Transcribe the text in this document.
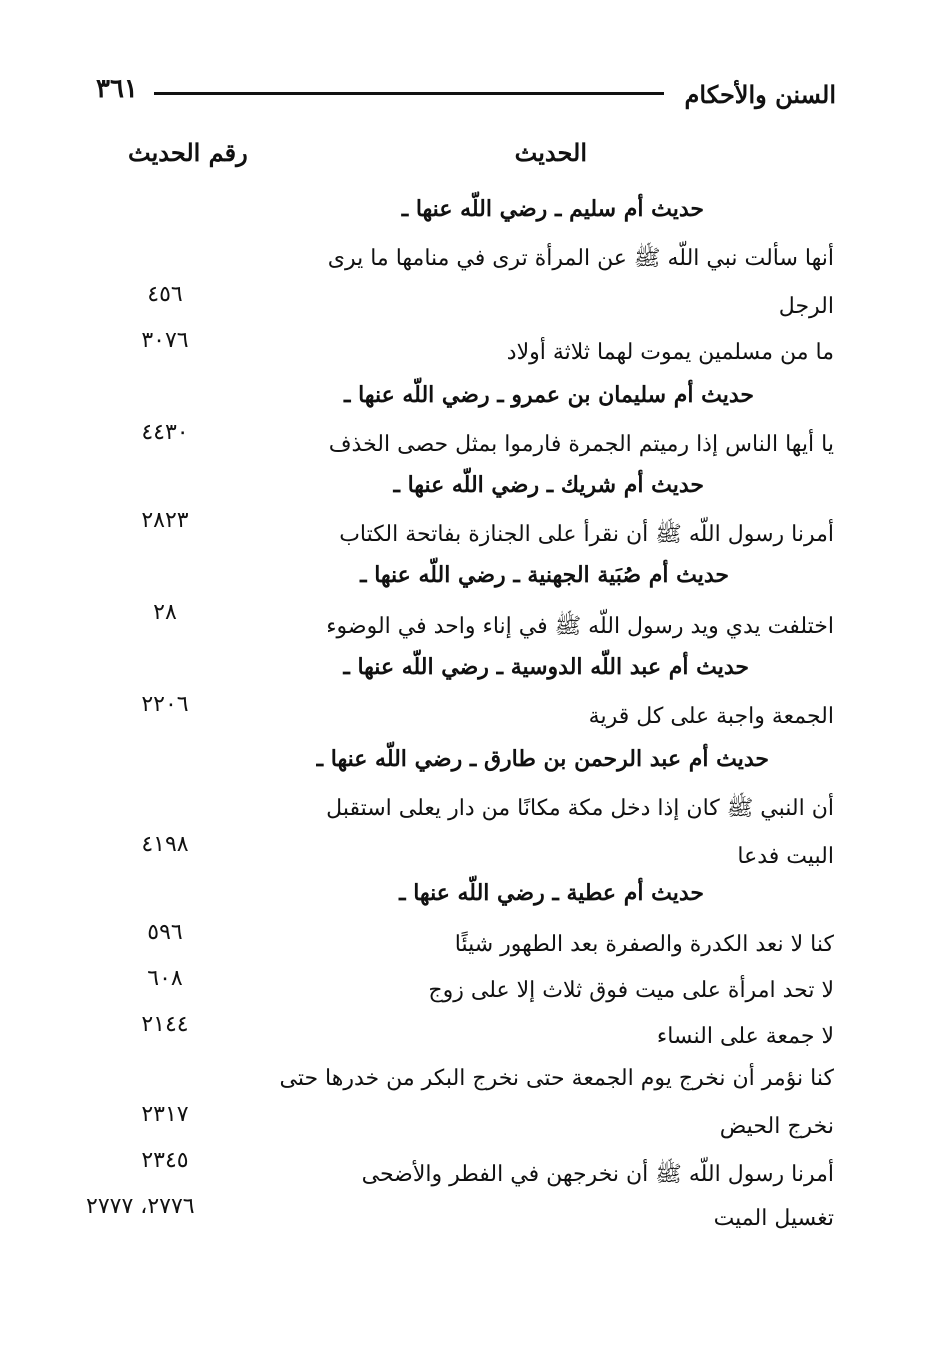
السنن والأحكام
٣٦١
الحديث
رقم الحديث
حديث أم سليم ـ رضي اللّه عنها ـ
أنها سألت نبي اللّه ﷺ عن المرأة ترى في منامها ما يرى
الرجل
٤٥٦
ما من مسلمين يموت لهما ثلاثة أولاد
٣٠٧٦
حديث أم سليمان بن عمرو ـ رضي اللّه عنها ـ
يا أيها الناس إذا رميتم الجمرة فارموا بمثل حصى الخذف
٤٤٣٠
حديث أم شريك ـ رضي اللّه عنها ـ
أمرنا رسول اللّه ﷺ أن نقرأ على الجنازة بفاتحة الكتاب
٢٨٢٣
حديث أم صُبَية الجهنية ـ رضي اللّه عنها ـ
اختلفت يدي ويد رسول اللّه ﷺ في إناء واحد في الوضوء
٢٨
حديث أم عبد اللّه الدوسية ـ رضي اللّه عنها ـ
الجمعة واجبة على كل قرية
٢٢٠٦
حديث أم عبد الرحمن بن طارق ـ رضي اللّه عنها ـ
أن النبي ﷺ كان إذا دخل مكة مكانًا من دار يعلى استقبل
البيت فدعا
٤١٩٨
حديث أم عطية ـ رضي اللّه عنها ـ
كنا لا نعد الكدرة والصفرة بعد الطهور شيئًا
٥٩٦
لا تحد امرأة على ميت فوق ثلاث إلا على زوج
٦٠٨
لا جمعة على النساء
٢١٤٤
كنا نؤمر أن نخرج يوم الجمعة حتى نخرج البكر من خدرها حتى
نخرج الحيض
٢٣١٧
أمرنا رسول اللّه ﷺ أن نخرجهن في الفطر والأضحى
٢٣٤٥
تغسيل الميت
٢٧٧٦، ٢٧٧٧
